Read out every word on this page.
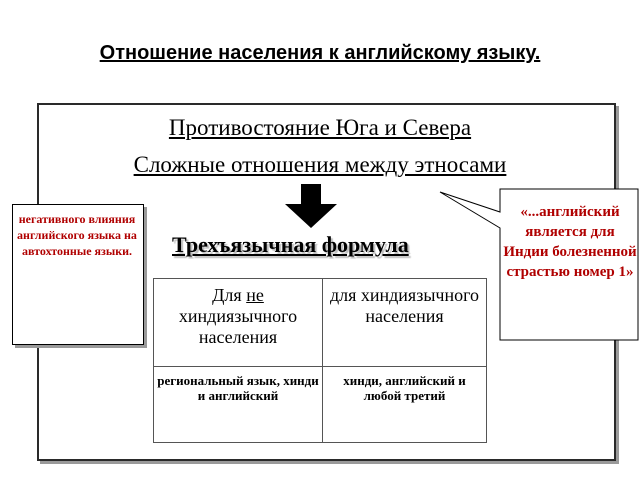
Отношение населения к английскому языку.
Противостояние Юга и Севера
Сложные отношения между этносами
Трехъязычная формула
негативного влияния английского языка на автохтонные языки.
«...английский является для Индии болезненной страстью номер 1»
Для не хиндиязычного населения	для хиндиязычного населения
региональный язык, хинди и английский	хинди, английский и любой третий
